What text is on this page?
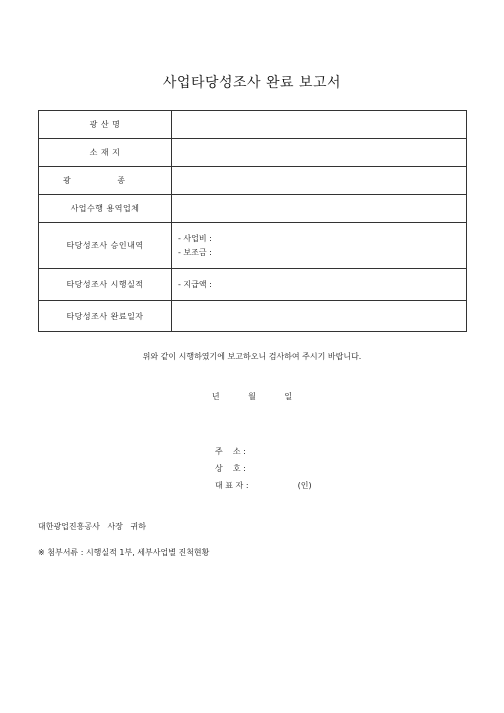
사업타당성조사 완료 보고서
광 산 명	
소 재 지	
광 종	
사업수행 용역업체	
타당성조사 승인내역	- 사업비 :
- 보조금 :

타당성조사 시행실적	- 지급액 :

타당성조사 완료일자	
위와 같이 시행하였기에 보고하오니 검사하여 주시기 바랍니다.
년	월	일
주    소 :
상    호 :
대 표 자 :	(인)
대한광업진흥공사   사장   귀하
※ 첨부서류 : 시행실적 1부, 세부사업별 진척현황
